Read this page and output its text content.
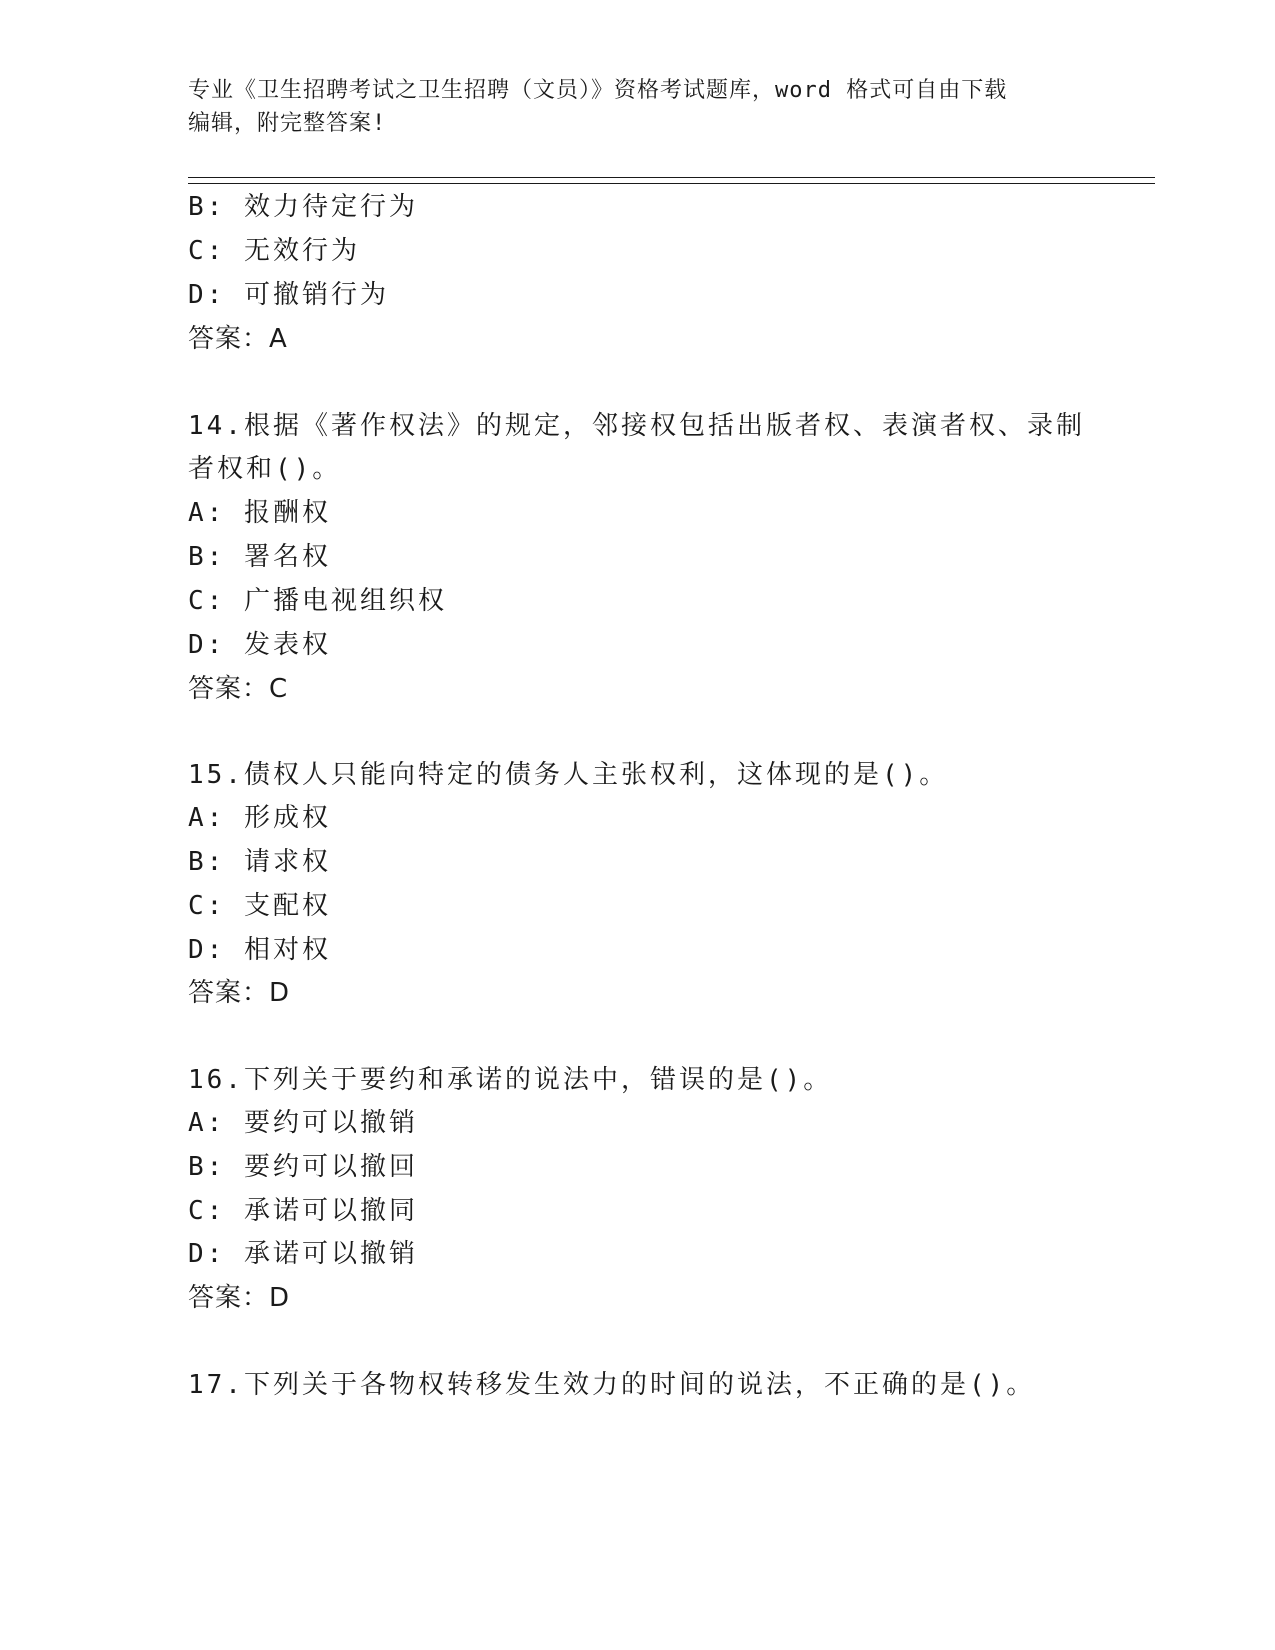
专业《卫生招聘考试之卫生招聘（文员）》资格考试题库，word 格式可自由下载
编辑，附完整答案!
B: 效力待定行为
C: 无效行为
D: 可撤销行为
答案：A
14.根据《著作权法》的规定，邻接权包括出版者权、表演者权、录制
者权和()。
A: 报酬权
B: 署名权
C: 广播电视组织权
D: 发表权
答案：C
15.债权人只能向特定的债务人主张权利，这体现的是()。
A: 形成权
B: 请求权
C: 支配权
D: 相对权
答案：D
16.下列关于要约和承诺的说法中，错误的是()。
A: 要约可以撤销
B: 要约可以撤回
C: 承诺可以撤同
D: 承诺可以撤销
答案：D
17.下列关于各物权转移发生效力的时间的说法，不正确的是()。
